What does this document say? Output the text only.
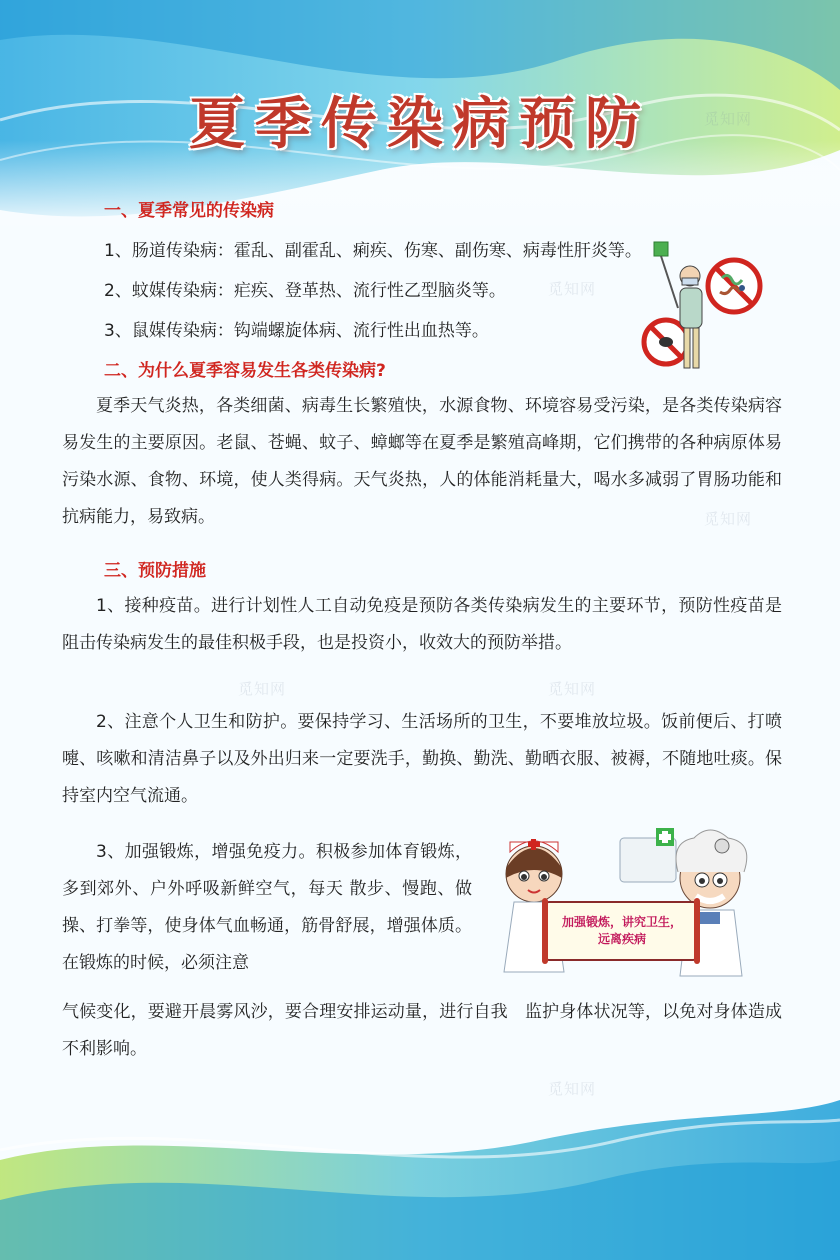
觅知网
觅知网
觅知网
觅知网	觅知网
觅知网
夏季传染病预防
一、夏季常见的传染病
1、肠道传染病：霍乱、副霍乱、痢疾、伤寒、副伤寒、病毒性肝炎等。
2、蚊媒传染病：疟疾、登革热、流行性乙型脑炎等。
3、鼠媒传染病：钩端螺旋体病、流行性出血热等。
二、为什么夏季容易发生各类传染病?
夏季天气炎热，各类细菌、病毒生长繁殖快，水源食物、环境容易受污染，是各类传染病容易发生的主要原因。老鼠、苍蝇、蚊子、蟑螂等在夏季是繁殖高峰期，它们携带的各种病原体易污染水源、食物、环境，使人类得病。天气炎热，人的体能消耗量大，喝水多减弱了胃肠功能和抗病能力，易致病。
三、预防措施
1、接种疫苗。进行计划性人工自动免疫是预防各类传染病发生的主要环节，预防性疫苗是阻击传染病发生的最佳积极手段，也是投资小，收效大的预防举措。
2、注意个人卫生和防护。要保持学习、生活场所的卫生，不要堆放垃圾。饭前便后、打喷嚏、咳嗽和清洁鼻子以及外出归来一定要洗手，勤换、勤洗、勤晒衣服、被褥，不随地吐痰。保持室内空气流通。
3、加强锻炼，增强免疫力。积极参加体育锻炼，多到郊外、户外呼吸新鲜空气，每天 散步、慢跑、做操、打拳等，使身体气血畅通，筋骨舒展，增强体质。在锻炼的时候，必须注意
气候变化，要避开晨雾风沙，要合理安排运动量，进行自我　监护身体状况等，以免对身体造成不利影响。
加强锻炼，讲究卫生，
远离疾病
